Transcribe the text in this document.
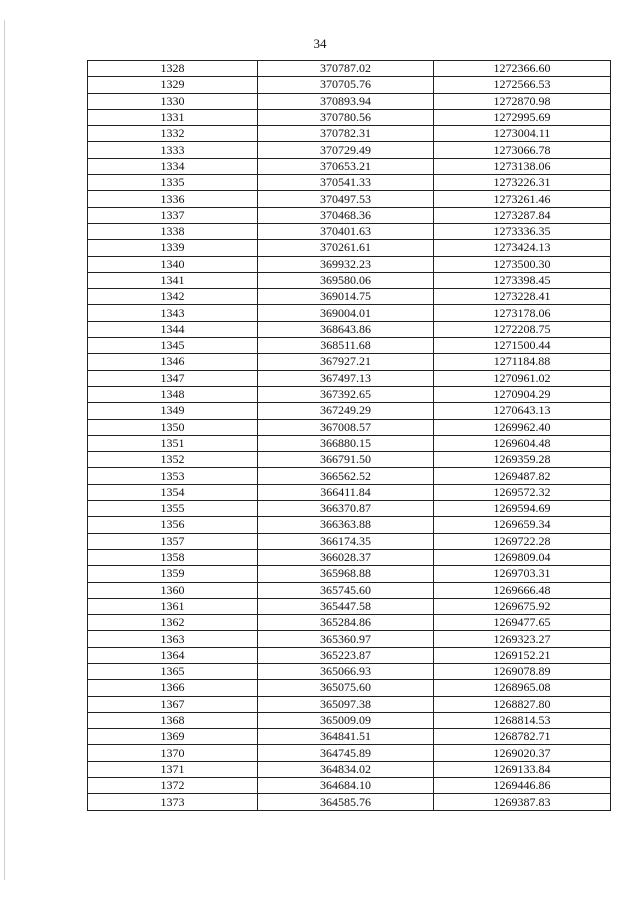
34
1328	370787.02	1272366.60
1329	370705.76	1272566.53
1330	370893.94	1272870.98
1331	370780.56	1272995.69
1332	370782.31	1273004.11
1333	370729.49	1273066.78
1334	370653.21	1273138.06
1335	370541.33	1273226.31
1336	370497.53	1273261.46
1337	370468.36	1273287.84
1338	370401.63	1273336.35
1339	370261.61	1273424.13
1340	369932.23	1273500.30
1341	369580.06	1273398.45
1342	369014.75	1273228.41
1343	369004.01	1273178.06
1344	368643.86	1272208.75
1345	368511.68	1271500.44
1346	367927.21	1271184.88
1347	367497.13	1270961.02
1348	367392.65	1270904.29
1349	367249.29	1270643.13
1350	367008.57	1269962.40
1351	366880.15	1269604.48
1352	366791.50	1269359.28
1353	366562.52	1269487.82
1354	366411.84	1269572.32
1355	366370.87	1269594.69
1356	366363.88	1269659.34
1357	366174.35	1269722.28
1358	366028.37	1269809.04
1359	365968.88	1269703.31
1360	365745.60	1269666.48
1361	365447.58	1269675.92
1362	365284.86	1269477.65
1363	365360.97	1269323.27
1364	365223.87	1269152.21
1365	365066.93	1269078.89
1366	365075.60	1268965.08
1367	365097.38	1268827.80
1368	365009.09	1268814.53
1369	364841.51	1268782.71
1370	364745.89	1269020.37
1371	364834.02	1269133.84
1372	364684.10	1269446.86
1373	364585.76	1269387.83
